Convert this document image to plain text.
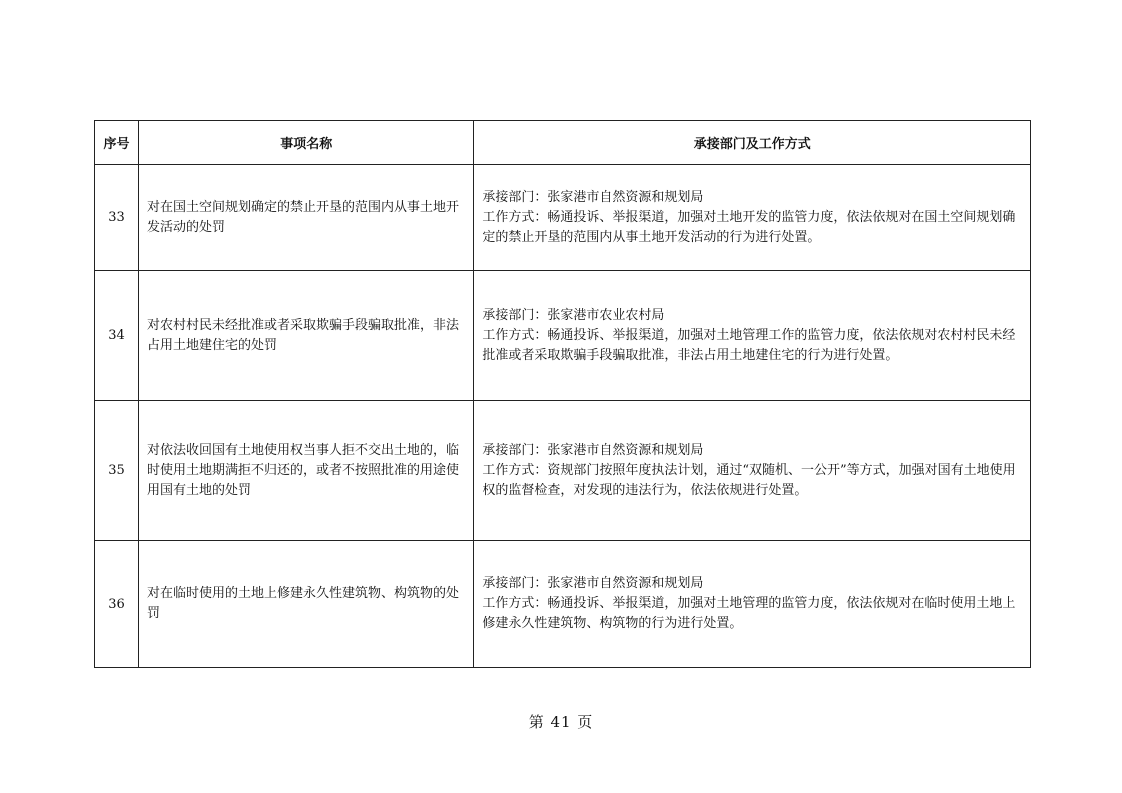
序号	事项名称	承接部门及工作方式
33	对在国土空间规划确定的禁止开垦的范围内从事土地开发活动的处罚	承接部门：张家港市自然资源和规划局
工作方式：畅通投诉、举报渠道，加强对土地开发的监管力度，依法依规对在国土空间规划确定的禁止开垦的范围内从事土地开发活动的行为进行处置。

34	对农村村民未经批准或者采取欺骗手段骗取批准，非法占用土地建住宅的处罚	承接部门：张家港市农业农村局
工作方式：畅通投诉、举报渠道，加强对土地管理工作的监管力度，依法依规对农村村民未经批准或者采取欺骗手段骗取批准，非法占用土地建住宅的行为进行处置。

35	对依法收回国有土地使用权当事人拒不交出土地的，临时使用土地期满拒不归还的，或者不按照批准的用途使用国有土地的处罚	承接部门：张家港市自然资源和规划局
工作方式：资规部门按照年度执法计划，通过“双随机、一公开”等方式，加强对国有土地使用权的监督检查，对发现的违法行为，依法依规进行处置。

36	对在临时使用的土地上修建永久性建筑物、构筑物的处罚	承接部门：张家港市自然资源和规划局
工作方式：畅通投诉、举报渠道，加强对土地管理的监管力度，依法依规对在临时使用土地上修建永久性建筑物、构筑物的行为进行处置。
第 41 页
